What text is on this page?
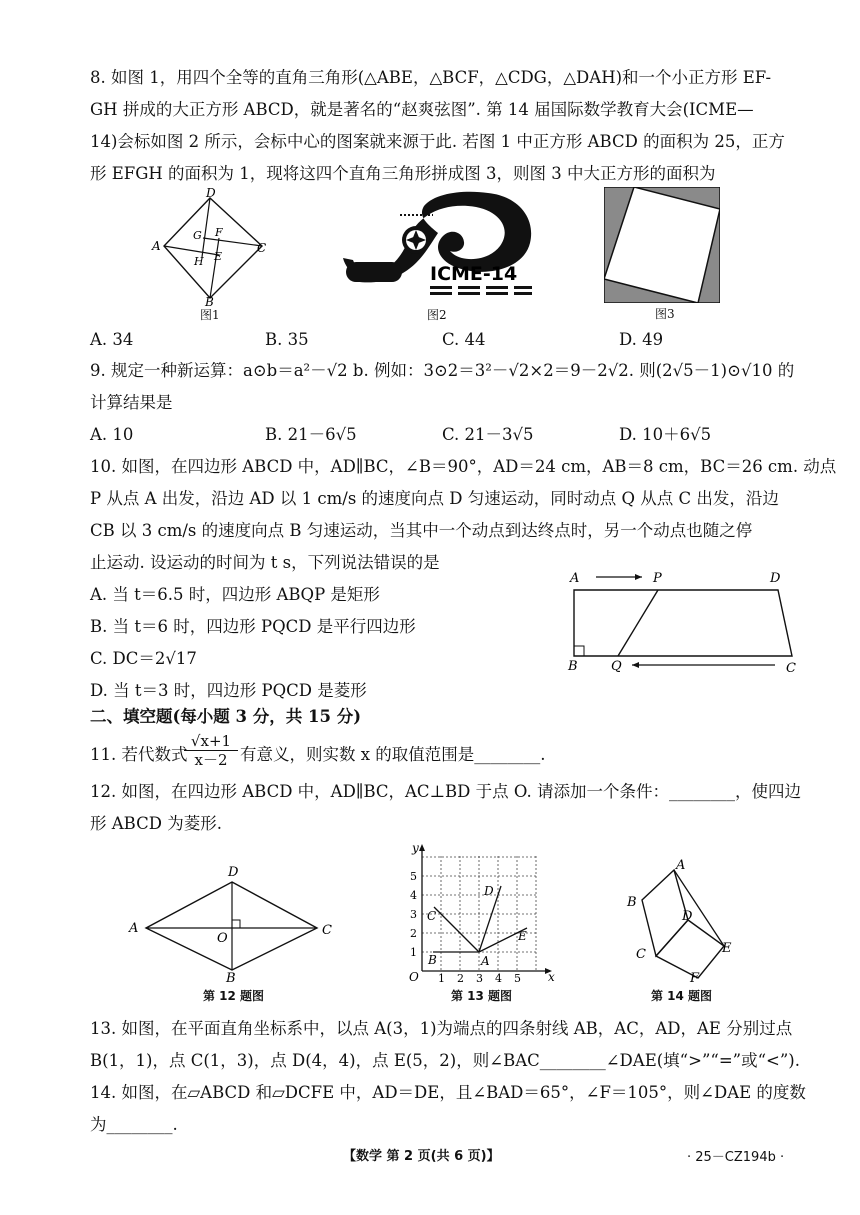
8. 如图 1，用四个全等的直角三角形(△ABE，△BCF，△CDG，△DAH)和一个小正方形 EF-
GH 拼成的大正方形 ABCD，就是著名的“赵爽弦图”. 第 14 届国际数学教育大会(ICME—
14)会标如图 2 所示，会标中心的图案就来源于此. 若图 1 中正方形 ABCD 的面积为 25，正方
形 EFGH 的面积为 1，现将这四个直角三角形拼成图 3，则图 3 中大正方形的面积为
D
A	C
B
G F
H E
图1
ICME-14
图2	图3
A. 34	B. 35	C. 44	D. 49
9. 规定一种新运算：a⊙b＝a²－√2 b. 例如：3⊙2＝3²－√2×2＝9－2√2. 则(2√5－1)⊙√10 的
计算结果是
A. 10	B. 21－6√5	C. 21－3√5	D. 10＋6√5
10. 如图，在四边形 ABCD 中，AD∥BC，∠B＝90°，AD＝24 cm，AB＝8 cm，BC＝26 cm. 动点
P 从点 A 出发，沿边 AD 以 1 cm/s 的速度向点 D 匀速运动，同时动点 Q 从点 C 出发，沿边
CB 以 3 cm/s 的速度向点 B 匀速运动，当其中一个动点到达终点时，另一个动点也随之停
止运动. 设运动的时间为 t s，下列说法错误的是
A. 当 t＝6.5 时，四边形 ABQP 是矩形
B. 当 t＝6 时，四边形 PQCD 是平行四边形
C. DC＝2√17
D. 当 t＝3 时，四边形 PQCD 是菱形
A	P	D
B	Q	C
二、填空题(每小题 3 分，共 15 分)
11. 若代数式
$\frac{√x+1}{x-2}$ 有意义，则实数 x 的取值范围是________.
12. 如图，在四边形 ABCD 中，AD∥BC，AC⊥BD 于点 O. 请添加一个条件：________，使四边
形 ABCD 为菱形.
D
A	C
B
O
第 12 题图
y
x
O 1 2 3 4 5
1
2
3
4
5
A
B
C
D
E
第 13 题图
A
B
C
D
E
F
第 14 题图
13. 如图，在平面直角坐标系中，以点 A(3，1)为端点的四条射线 AB，AC，AD，AE 分别过点
B(1，1)，点 C(1，3)，点 D(4，4)，点 E(5，2)，则∠BAC________∠DAE(填“>”“=”或“<”).
14. 如图，在▱ABCD 和▱DCFE 中，AD＝DE，且∠BAD＝65°，∠F＝105°，则∠DAE 的度数
为________.
【数学 第 2 页(共 6 页)】	· 25－CZ194b ·
